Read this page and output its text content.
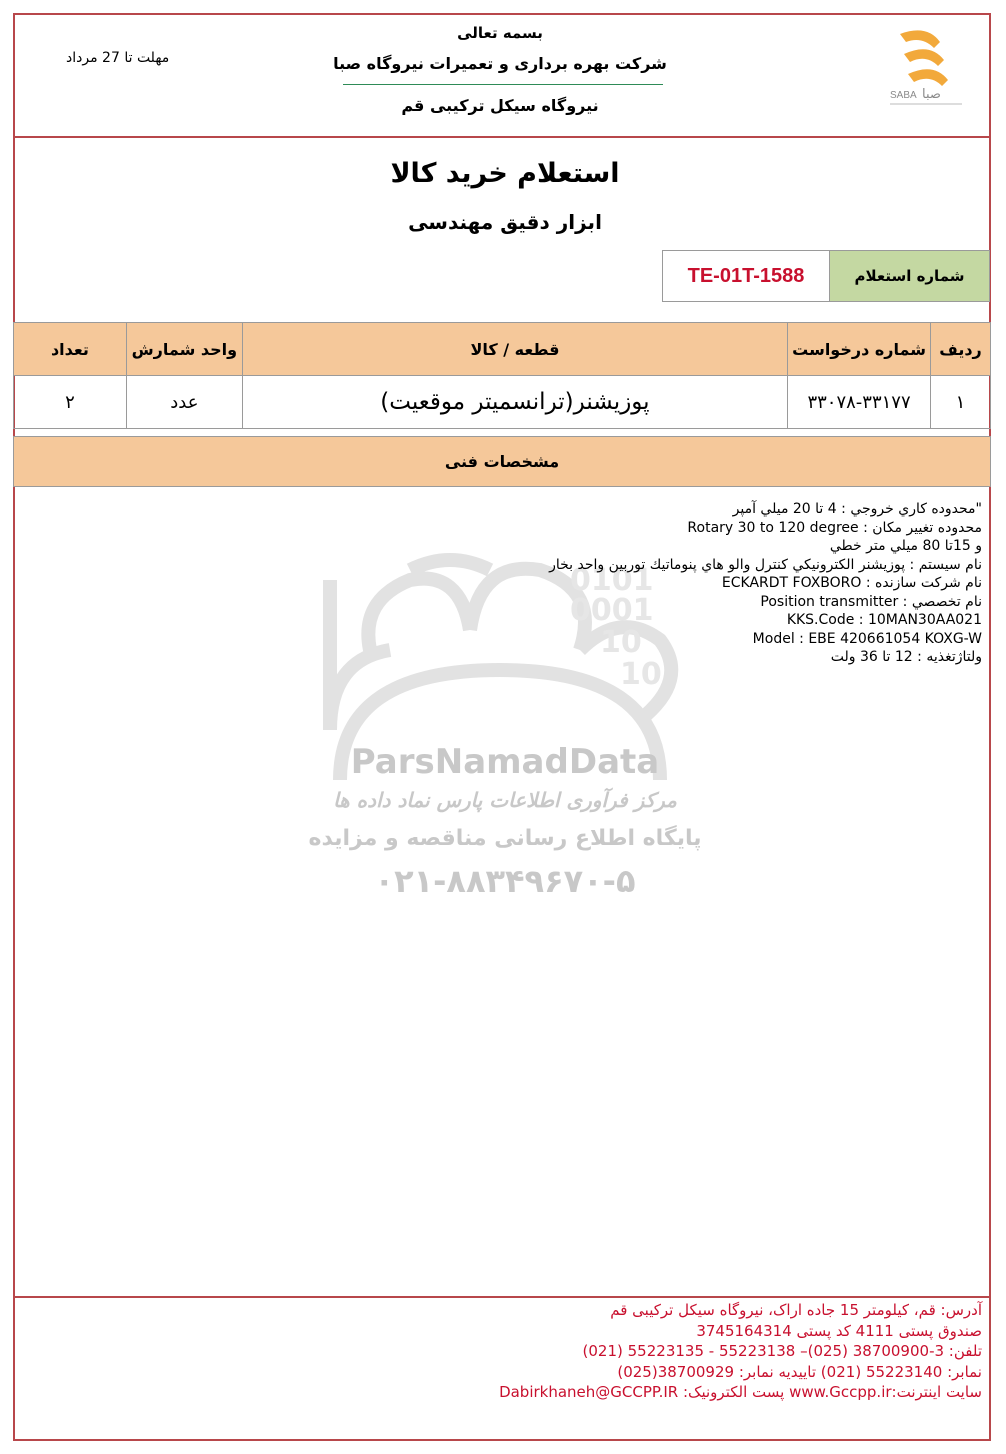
صبا
SABA
مهلت تا 27 مرداد
بسمه تعالی
شرکت بهره برداری و تعمیرات نیروگاه صبا
نیروگاه سیکل ترکیبی قم
استعلام خرید کالا
ابزار دقیق مهندسی
شماره استعلام
TE-01T-1588
ردیف	شماره درخواست	قطعه / کالا	واحد شمارش	تعداد
۱	۳۳۰۷۸-۳۳۱۷۷	پوزیشنر(ترانسمیتر موقعیت)	عدد	۲
مشخصات فنی
0101
0001
10
10
ParsNamadData
مرکز فرآوری اطلاعات پارس نماد داده ها
پایگاه اطلاع رسانی مناقصه و مزایده
۰۲۱-۸۸۳۴۹۶۷۰-۵
"محدوده كاري خروجي : 4 تا 20 ميلي آمپر
محدوده تغيير مكان : Rotary 30 to 120 degree
و 15تا 80 ميلي متر خطي
نام سيستم : پوزيشنر الكترونيكي كنترل والو هاي پنوماتيك توربين واحد بخار
نام شركت سازنده : ECKARDT FOXBORO
نام تخصصي : Position transmitter
KKS.Code : 10MAN30AA021
Model : EBE 420661054 KOXG-W
ولتاژتغذيه : 12 تا 36 ولت
آدرس: قم، کیلومتر 15 جاده اراک، نیروگاه سیکل ترکیبی قم
صندوق پستی 4111 کد پستی 3745164314
تلفن: 3-38700900 (025)– 55223138 - 55223135 (021)
نمابر: 55223140 (021) تاییدیه نمابر: 38700929(025)
سایت اینترنت:www.Gccpp.ir پست الکترونیک: Dabirkhaneh@GCCPP.IR
